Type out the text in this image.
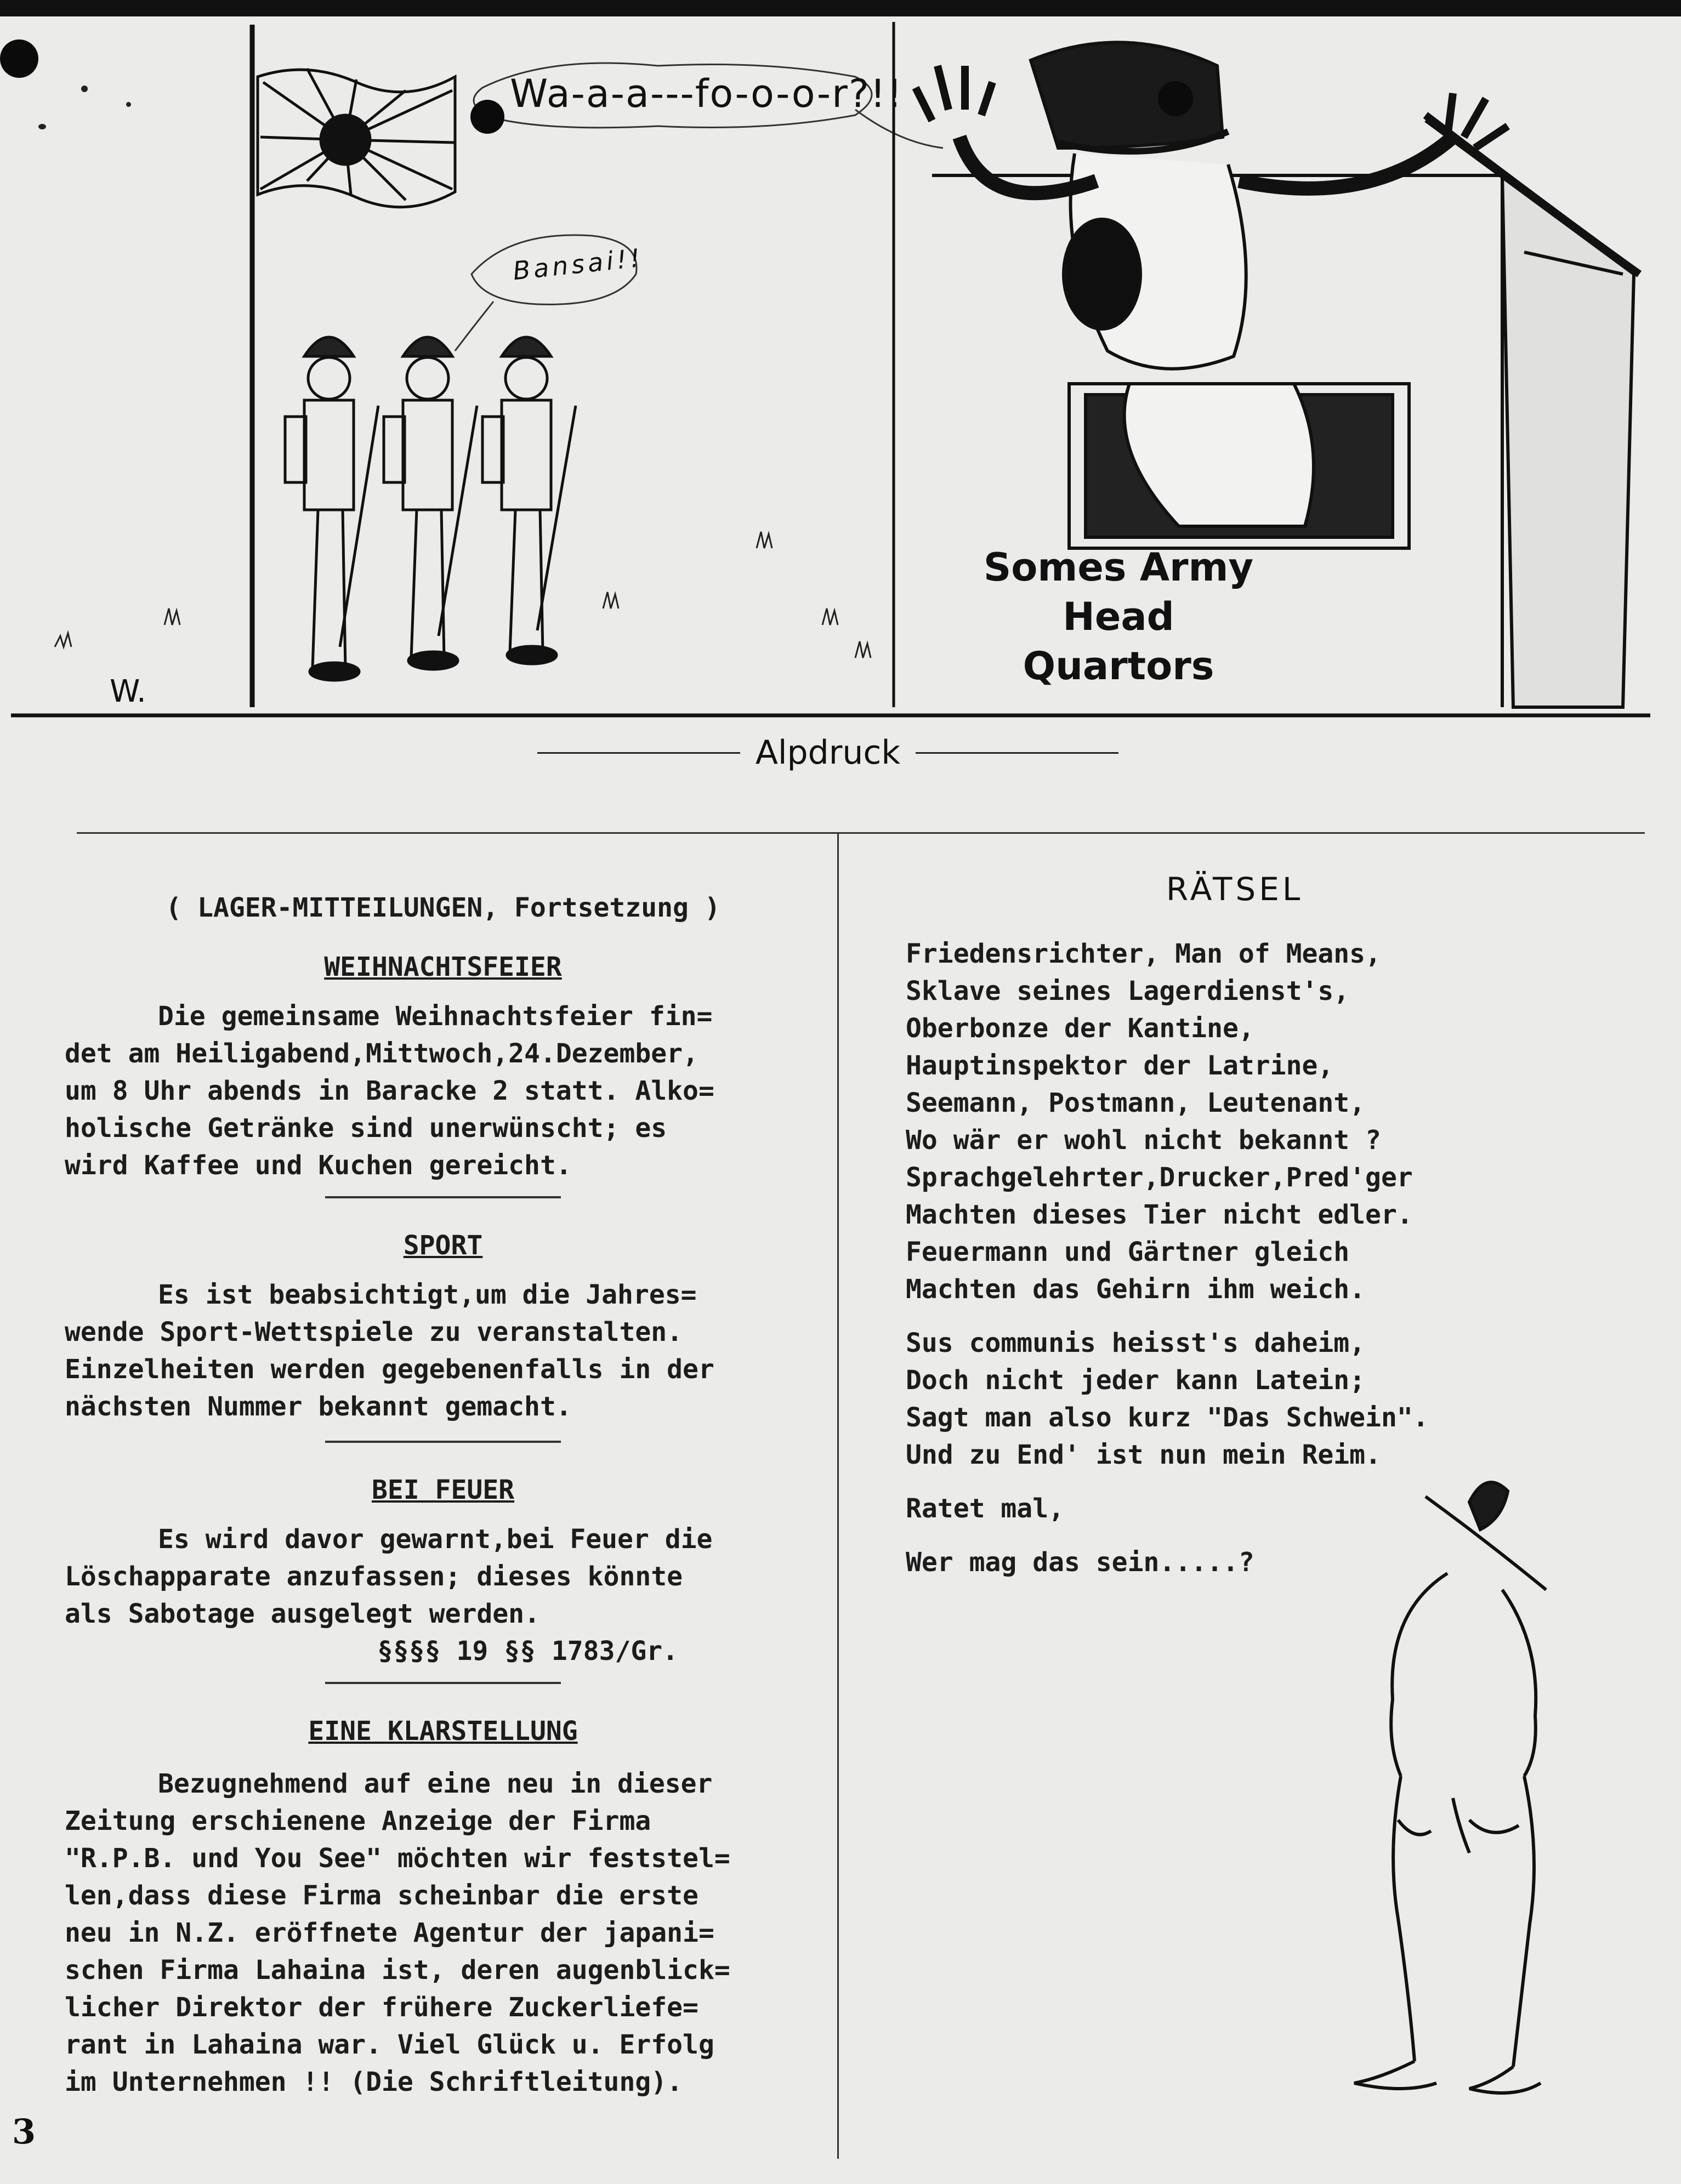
W.
Wa-a-a---fo-o-o-r?!!
Bansai!!
Somes Army Head Quartors
Alpdruck

( LAGER-MITTEILUNGEN, Fortsetzung )

WEIHNACHTSFEIER

Die gemeinsame Weihnachtsfeier fin=

det am Heiligabend,Mittwoch,24.Dezember,

um 8 Uhr abends in Baracke 2 statt. Alko=

holische Getränke sind unerwünscht; es

wird Kaffee und Kuchen gereicht.

SPORT

Es ist beabsichtigt,um die Jahres=

wende Sport-Wettspiele zu veranstalten.

Einzelheiten werden gegebenenfalls in der

nächsten Nummer bekannt gemacht.

BEI FEUER

Es wird davor gewarnt,bei Feuer die

Löschapparate anzufassen; dieses könnte

als Sabotage ausgelegt werden.

§§§§ 19 §§ 1783/Gr.

EINE KLARSTELLUNG

Bezugnehmend auf eine neu in dieser

Zeitung erschienene Anzeige der Firma

"R.P.B. und You See" möchten wir feststel=

len,dass diese Firma scheinbar die erste

neu in N.Z. eröffnete Agentur der japani=

schen Firma Lahaina ist, deren augenblick=

licher Direktor der frühere Zuckerliefe=

rant in Lahaina war. Viel Glück u. Erfolg

im Unternehmen !! (Die Schriftleitung).

RÄTSEL

Friedensrichter, Man of Means,

Sklave seines Lagerdienst's,

Oberbonze der Kantine,

Hauptinspektor der Latrine,

Seemann, Postmann, Leutenant,

Wo wär er wohl nicht bekannt ?

Sprachgelehrter,Drucker,Pred'ger

Machten dieses Tier nicht edler.

Feuermann und Gärtner gleich

Machten das Gehirn ihm weich.

Sus communis heisst's daheim,

Doch nicht jeder kann Latein;

Sagt man also kurz "Das Schwein".

Und zu End' ist nun mein Reim.

Ratet mal,

Wer mag das sein.....?

3
